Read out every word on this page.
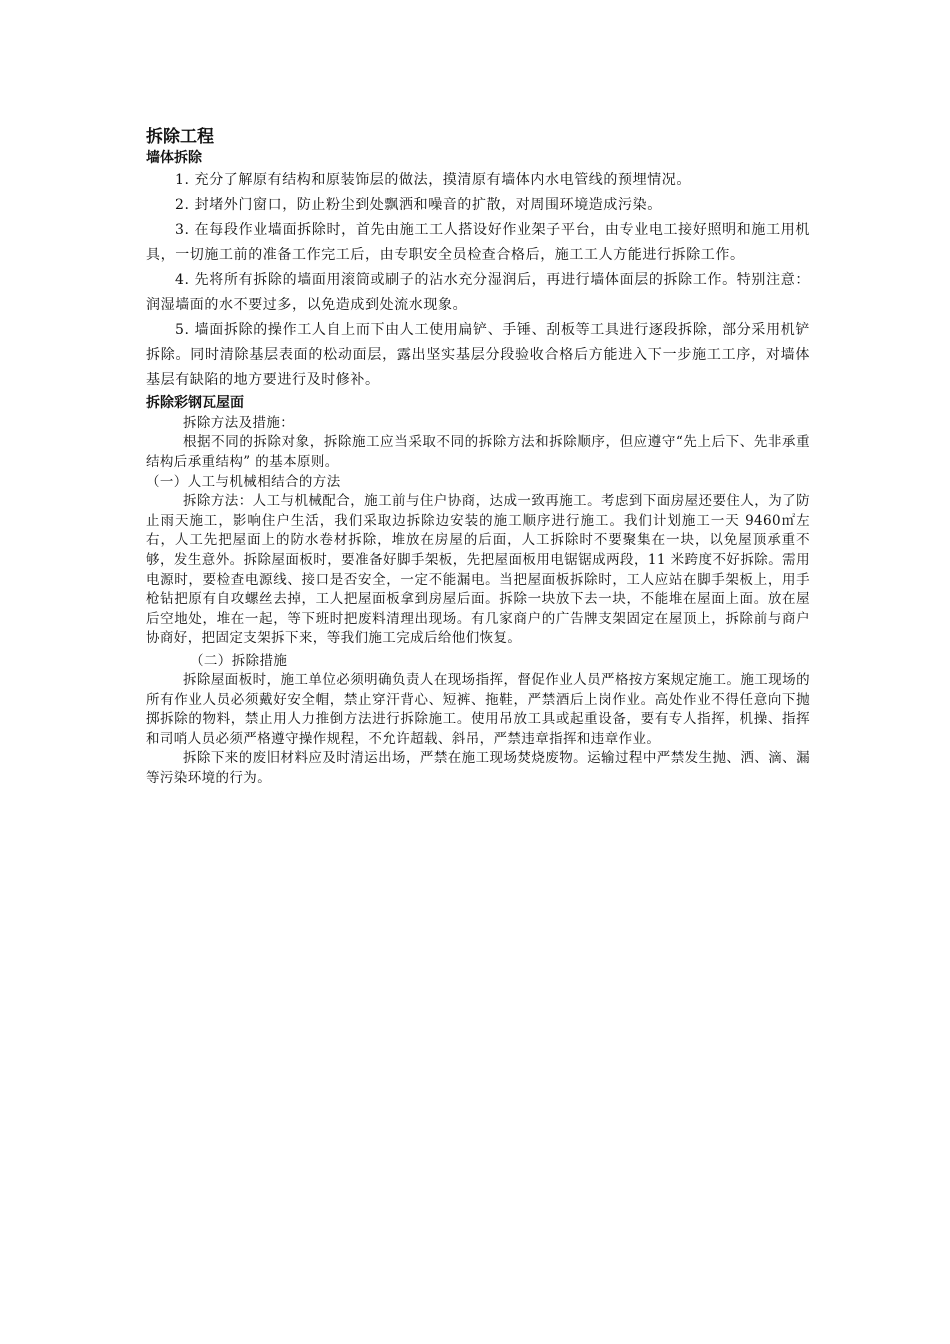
拆除工程
墙体拆除

1. 充分了解原有结构和原装饰层的做法，摸清原有墙体内水电管线的预埋情况。

2. 封堵外门窗口，防止粉尘到处飘洒和噪音的扩散，对周围环境造成污染。

3. 在每段作业墙面拆除时，首先由施工工人搭设好作业架子平台，由专业电工接好照明和施工用机具，一切施工前的准备工作完工后，由专职安全员检查合格后，施工工人方能进行拆除工作。

4. 先将所有拆除的墙面用滚筒或刷子的沾水充分湿润后，再进行墙体面层的拆除工作。特别注意：润湿墙面的水不要过多，以免造成到处流水现象。

5. 墙面拆除的操作工人自上而下由人工使用扁铲、手锤、刮板等工具进行逐段拆除，部分采用机铲拆除。同时清除基层表面的松动面层，露出坚实基层分段验收合格后方能进入下一步施工工序，对墙体基层有缺陷的地方要进行及时修补。

拆除彩钢瓦屋面

拆除方法及措施：

根据不同的拆除对象，拆除施工应当采取不同的拆除方法和拆除顺序，但应遵守“先上后下、先非承重结构后承重结构” 的基本原则。

（一）人工与机械相结合的方法

拆除方法：人工与机械配合，施工前与住户协商，达成一致再施工。考虑到下面房屋还要住人，为了防止雨天施工，影响住户生活，我们采取边拆除边安装的施工顺序进行施工。我们计划施工一天 9460㎡左右，人工先把屋面上的防水卷材拆除，堆放在房屋的后面，人工拆除时不要聚集在一块，以免屋顶承重不够，发生意外。拆除屋面板时，要准备好脚手架板，先把屋面板用电锯锯成两段，11 米跨度不好拆除。需用电源时，要检查电源线、接口是否安全，一定不能漏电。当把屋面板拆除时，工人应站在脚手架板上，用手枪钻把原有自攻螺丝去掉，工人把屋面板拿到房屋后面。拆除一块放下去一块，不能堆在屋面上面。放在屋后空地处，堆在一起，等下班时把废料清理出现场。有几家商户的广告牌支架固定在屋顶上，拆除前与商户协商好，把固定支架拆下来，等我们施工完成后给他们恢复。

（二）拆除措施

拆除屋面板时，施工单位必须明确负责人在现场指挥，督促作业人员严格按方案规定施工。施工现场的所有作业人员必须戴好安全帽，禁止穿汗背心、短裤、拖鞋，严禁酒后上岗作业。高处作业不得任意向下抛掷拆除的物料，禁止用人力推倒方法进行拆除施工。使用吊放工具或起重设备，要有专人指挥，机操、指挥和司哨人员必须严格遵守操作规程，不允许超载、斜吊，严禁违章指挥和违章作业。

拆除下来的废旧材料应及时清运出场，严禁在施工现场焚烧废物。运输过程中严禁发生抛、洒、滴、漏等污染环境的行为。
